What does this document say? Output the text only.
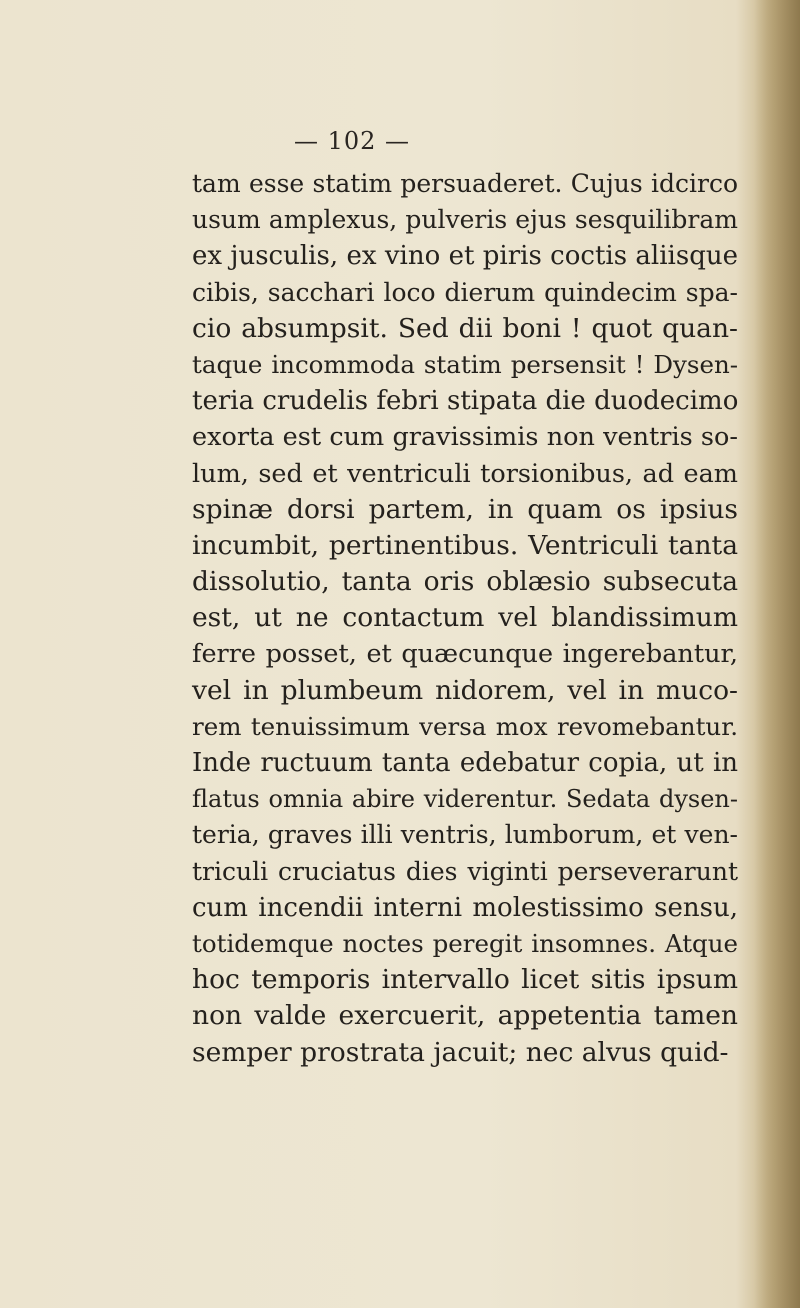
— 102 —
tam esse statim persuaderet. Cujus idcirco
usum amplexus, pulveris ejus sesquilibram
ex jusculis, ex vino et piris coctis aliisque
cibis, sacchari loco dierum quindecim spa-
cio absumpsit. Sed dii boni ! quot quan-
taque incommoda statim persensit ! Dysen-
teria crudelis febri stipata die duodecimo
exorta est cum gravissimis non ventris so-
lum, sed et ventriculi torsionibus, ad eam
spinæ dorsi partem, in quam os ipsius
incumbit, pertinentibus. Ventriculi tanta
dissolutio, tanta oris oblæsio subsecuta
est, ut ne contactum vel blandissimum
ferre posset, et quæcunque ingerebantur,
vel in plumbeum nidorem, vel in muco-
rem tenuissimum versa mox revomebantur.
Inde ructuum tanta edebatur copia, ut in
flatus omnia abire viderentur. Sedata dysen-
teria, graves illi ventris, lumborum, et ven-
triculi cruciatus dies viginti perseverarunt
cum incendii interni molestissimo sensu,
totidemque noctes peregit insomnes. Atque
hoc temporis intervallo licet sitis ipsum
non valde exercuerit, appetentia tamen
semper prostrata jacuit; nec alvus quid-
